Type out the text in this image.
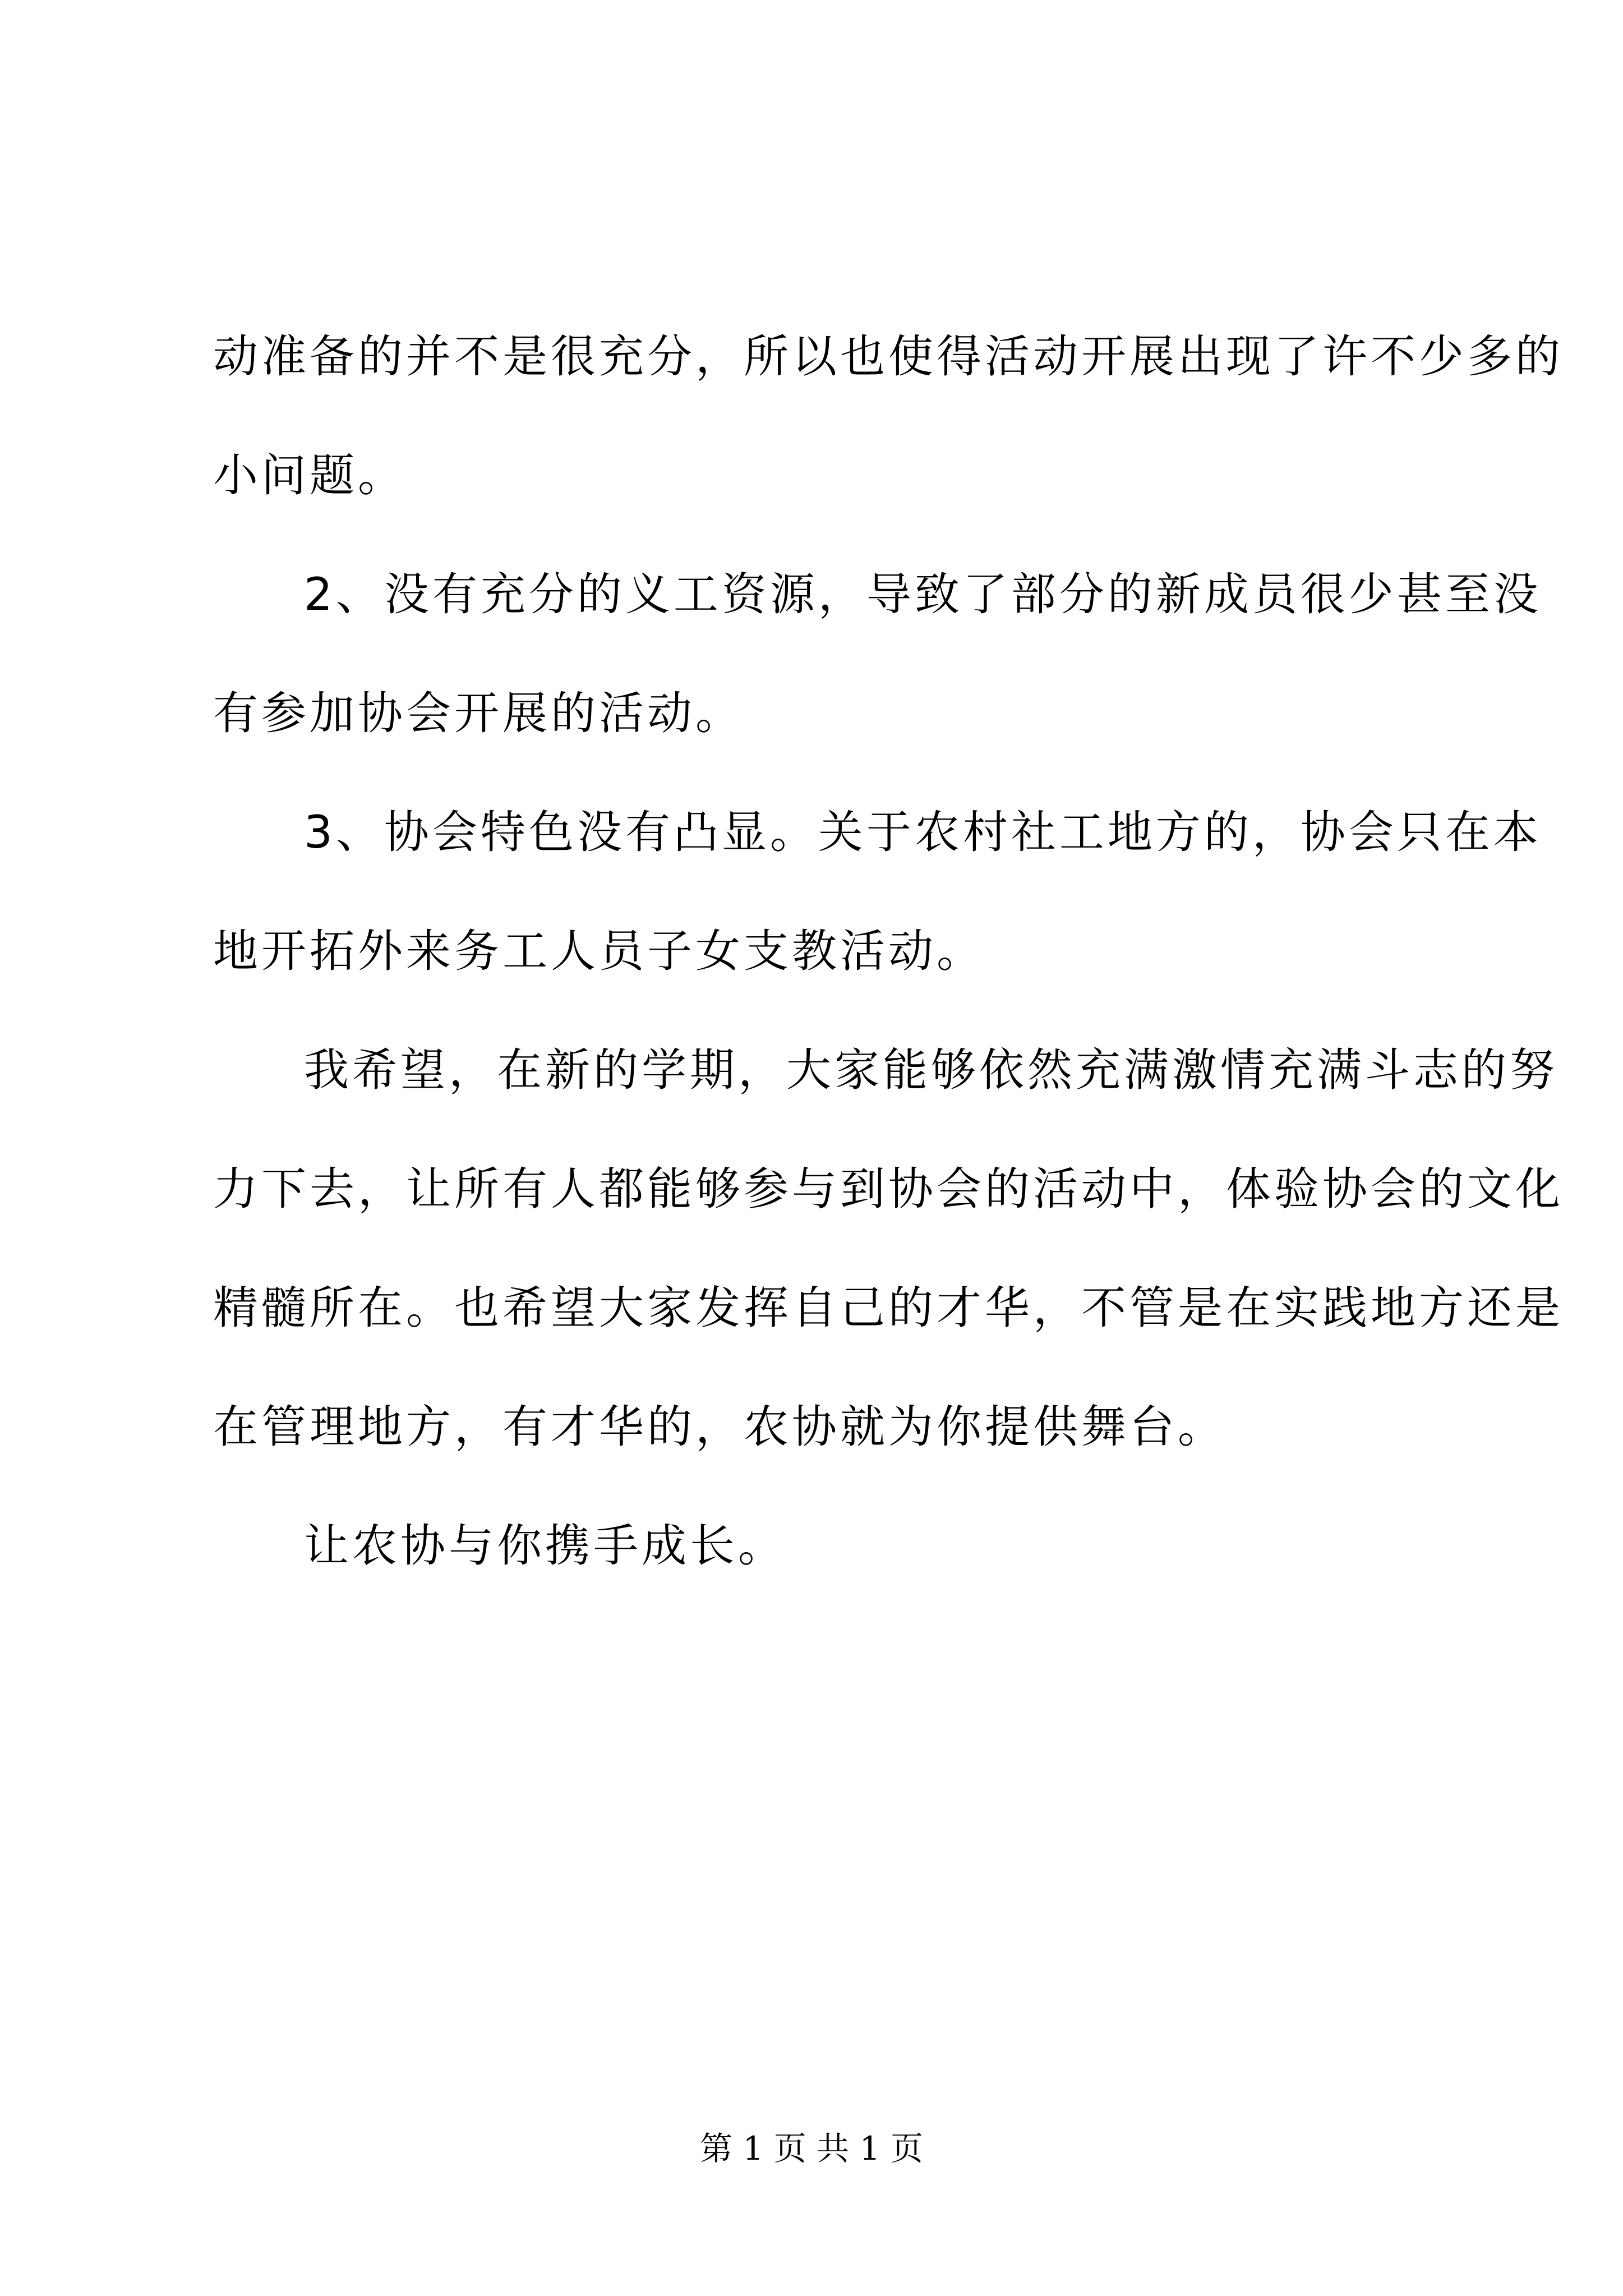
动准备的并不是很充分，所以也使得活动开展出现了许不少多的
小问题。
2、没有充分的义工资源，导致了部分的新成员很少甚至没
有参加协会开展的活动。
3、协会特色没有凸显。关于农村社工地方的，协会只在本
地开拓外来务工人员子女支教活动。
我希望，在新的学期，大家能够依然充满激情充满斗志的努
力下去，让所有人都能够参与到协会的活动中，体验协会的文化
精髓所在。也希望大家发挥自己的才华，不管是在实践地方还是
在管理地方，有才华的，农协就为你提供舞台。
让农协与你携手成长。
第 1 页 共 1 页
